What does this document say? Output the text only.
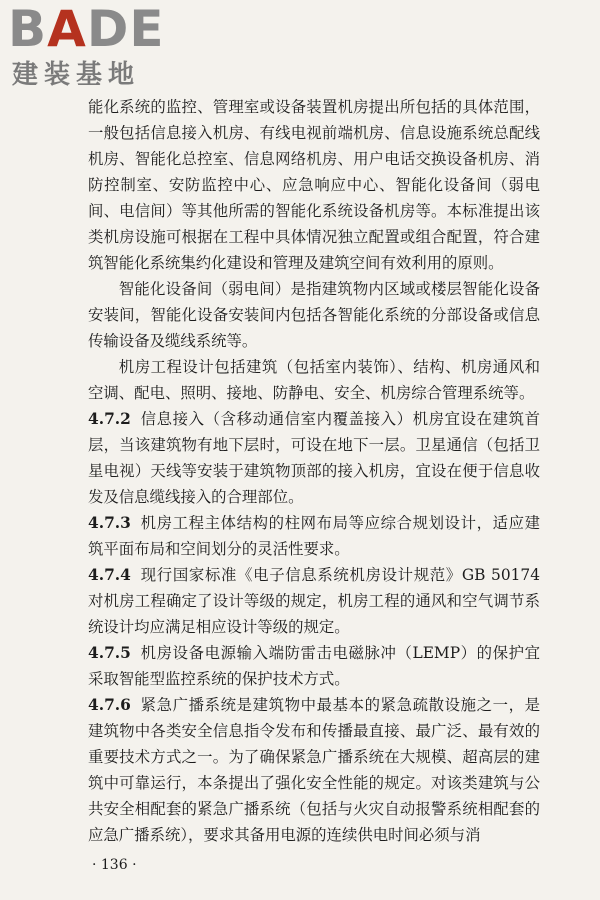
BADE
建装基地

能化系统的监控、管理室或设备装置机房提出所包括的具体范围，一般包括信息接入机房、有线电视前端机房、信息设施系统总配线机房、智能化总控室、信息网络机房、用户电话交换设备机房、消防控制室、安防监控中心、应急响应中心、智能化设备间（弱电间、电信间）等其他所需的智能化系统设备机房等。本标准提出该类机房设施可根据在工程中具体情况独立配置或组合配置，符合建筑智能化系统集约化建设和管理及建筑空间有效利用的原则。

智能化设备间（弱电间）是指建筑物内区域或楼层智能化设备安装间，智能化设备安装间内包括各智能化系统的分部设备或信息传输设备及缆线系统等。

机房工程设计包括建筑（包括室内装饰）、结构、机房通风和空调、配电、照明、接地、防静电、安全、机房综合管理系统等。

4.7.2 信息接入（含移动通信室内覆盖接入）机房宜设在建筑首层，当该建筑物有地下层时，可设在地下一层。卫星通信（包括卫星电视）天线等安装于建筑物顶部的接入机房，宜设在便于信息收发及信息缆线接入的合理部位。

4.7.3 机房工程主体结构的柱网布局等应综合规划设计，适应建筑平面布局和空间划分的灵活性要求。

4.7.4 现行国家标准《电子信息系统机房设计规范》GB 50174 对机房工程确定了设计等级的规定，机房工程的通风和空气调节系统设计均应满足相应设计等级的规定。

4.7.5 机房设备电源输入端防雷击电磁脉冲（LEMP）的保护宜采取智能型监控系统的保护技术方式。

4.7.6 紧急广播系统是建筑物中最基本的紧急疏散设施之一，是建筑物中各类安全信息指令发布和传播最直接、最广泛、最有效的重要技术方式之一。为了确保紧急广播系统在大规模、超高层的建筑中可靠运行，本条提出了强化安全性能的规定。对该类建筑与公共安全相配套的紧急广播系统（包括与火灾自动报警系统相配套的应急广播系统），要求其备用电源的连续供电时间必须与消

· 136 ·
